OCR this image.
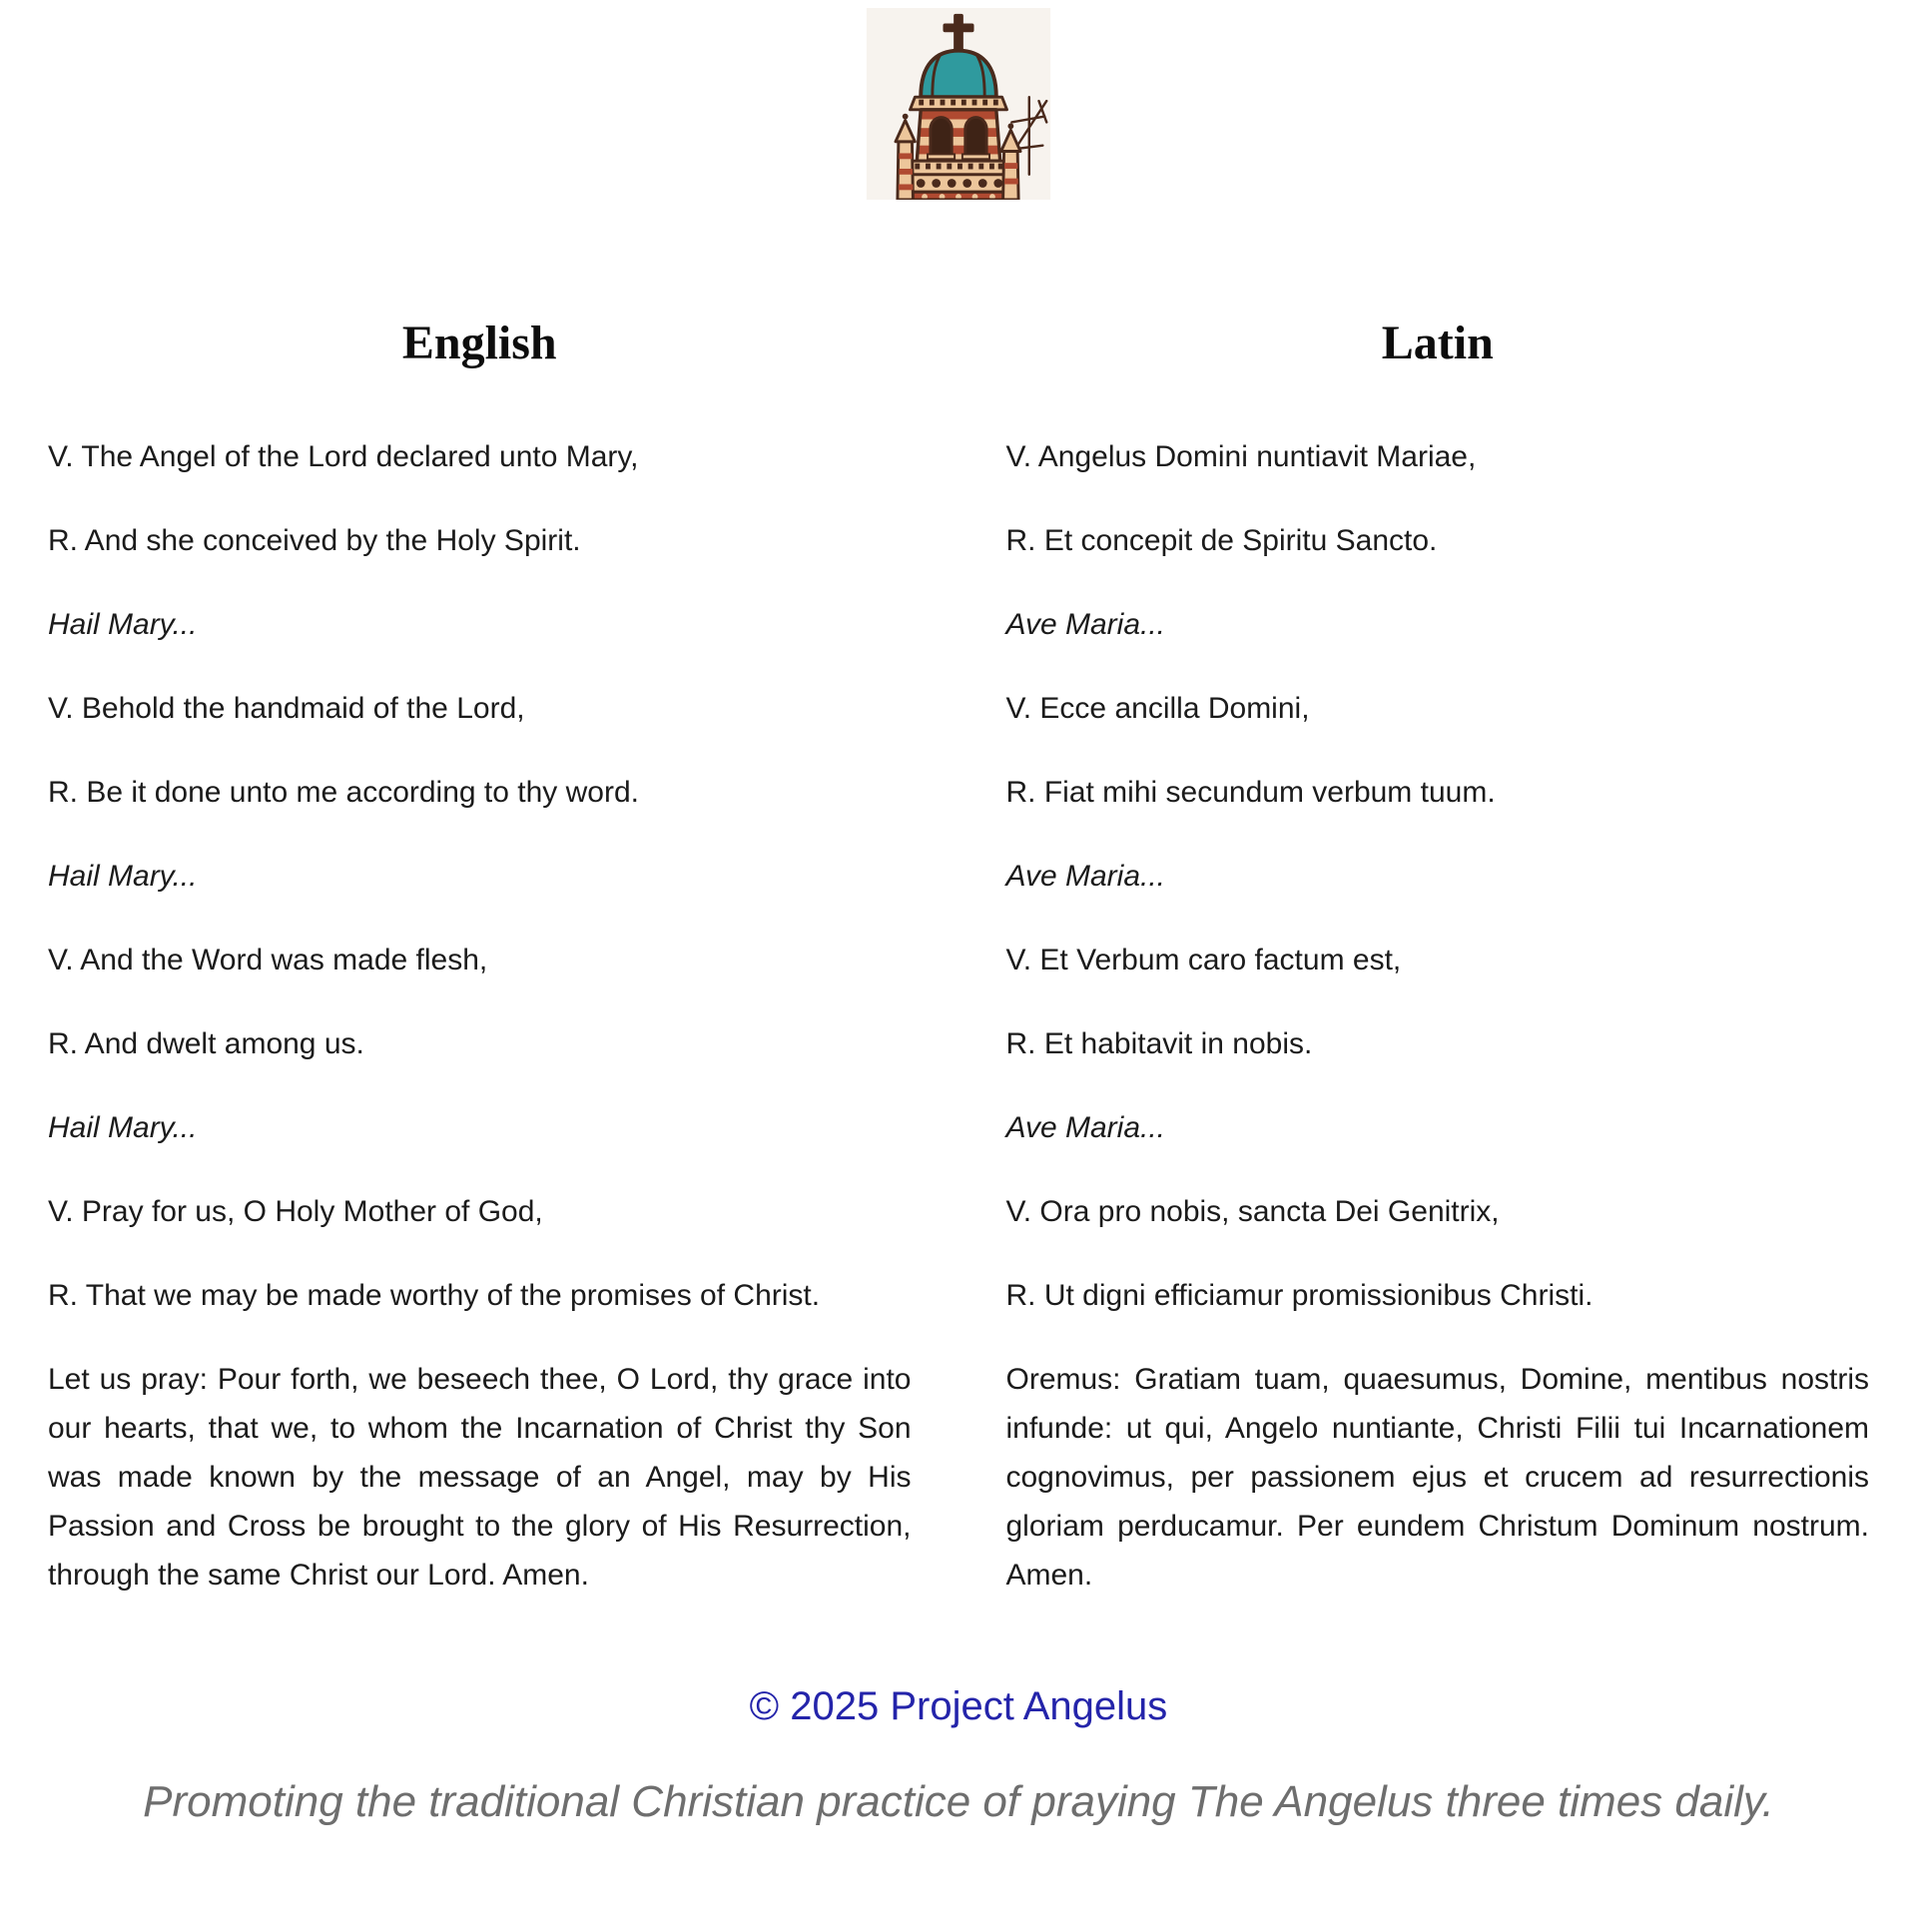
English

V. The Angel of the Lord declared unto Mary,

R. And she conceived by the Holy Spirit.

Hail Mary...

V. Behold the handmaid of the Lord,

R. Be it done unto me according to thy word.

Hail Mary...

V. And the Word was made flesh,

R. And dwelt among us.

Hail Mary...

V. Pray for us, O Holy Mother of God,

R. That we may be made worthy of the promises of Christ.

Let us pray: Pour forth, we beseech thee, O Lord, thy grace into our hearts, that we, to whom the Incarnation of Christ thy Son was made known by the message of an Angel, may by His Passion and Cross be brought to the glory of His Resurrection, through the same Christ our Lord. Amen.

Latin

V. Angelus Domini nuntiavit Mariae,

R. Et concepit de Spiritu Sancto.

Ave Maria...

V. Ecce ancilla Domini,

R. Fiat mihi secundum verbum tuum.

Ave Maria...

V. Et Verbum caro factum est,

R. Et habitavit in nobis.

Ave Maria...

V. Ora pro nobis, sancta Dei Genitrix,

R. Ut digni efficiamur promissionibus Christi.

Oremus: Gratiam tuam, quaesumus, Domine, mentibus nostris infunde: ut qui, Angelo nuntiante, Christi Filii tui Incarnationem cognovimus, per passionem ejus et crucem ad resurrectionis gloriam perducamur. Per eundem Christum Dominum nostrum. Amen.

© 2025 Project Angelus
Promoting the traditional Christian practice of praying The Angelus three times daily.
